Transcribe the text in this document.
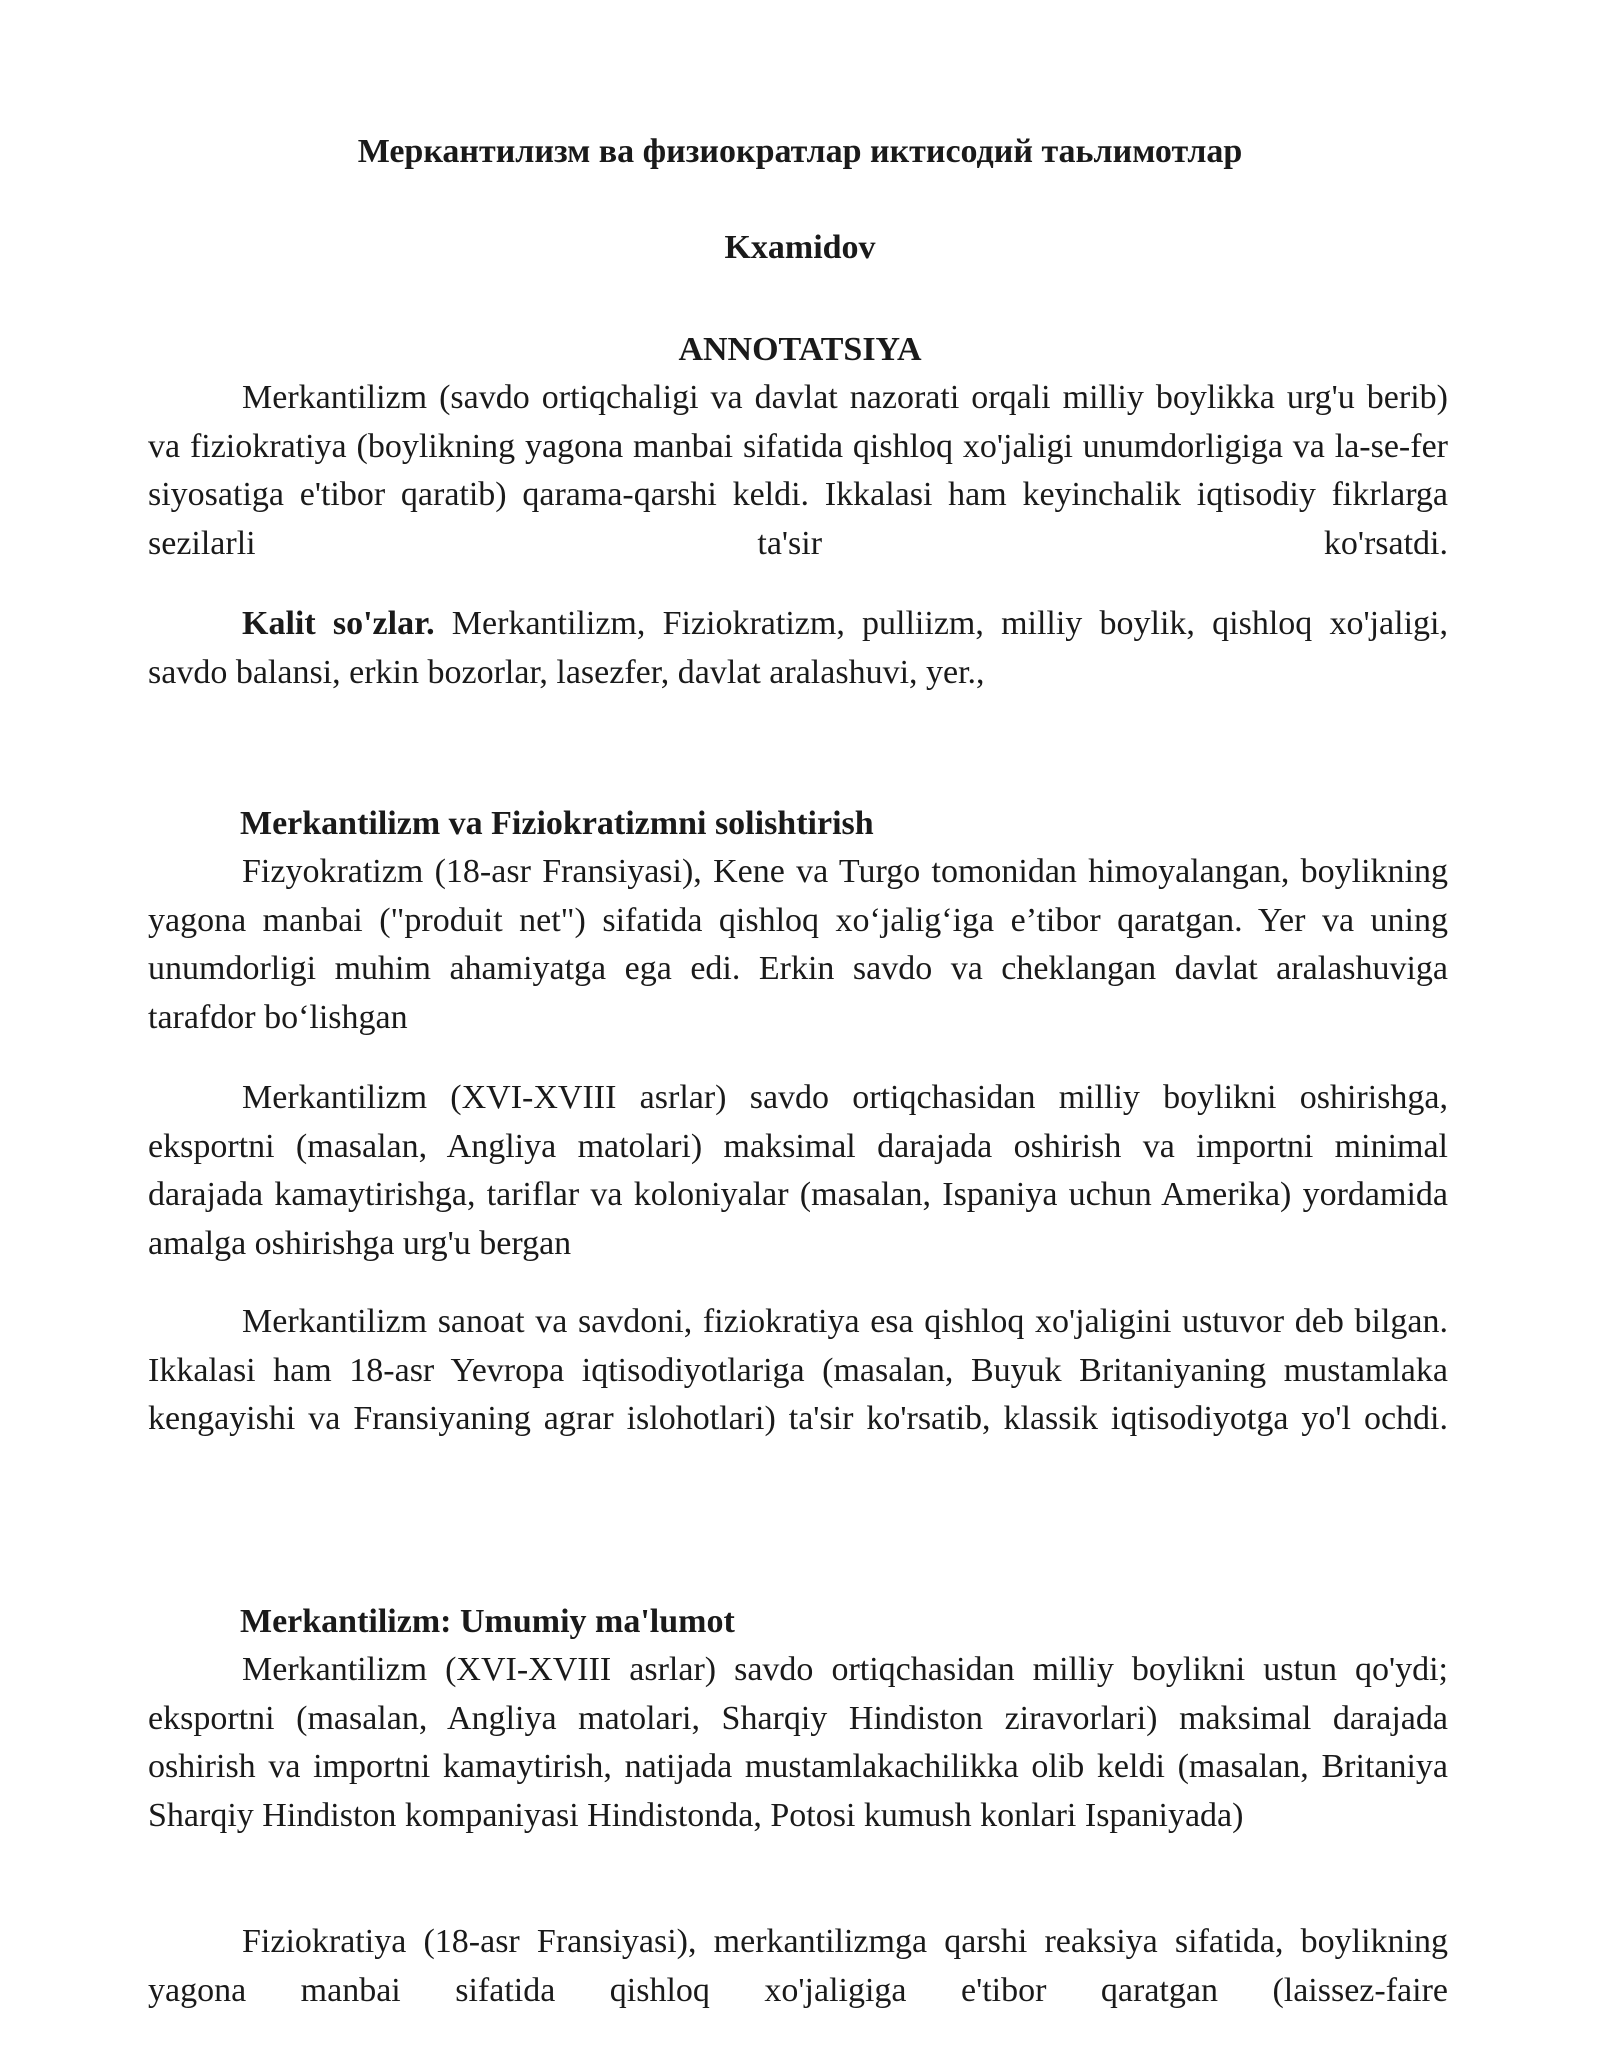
Меркантилизм ва физиократлар иктисодий таьлимотлар
Kxamidov
ANNOTATSIYA

Merkantilizm (savdo ortiqchaligi va davlat nazorati orqali milliy boylikka urg'u berib) va fiziokratiya (boylikning yagona manbai sifatida qishloq xo'jaligi unumdorligiga va la-se-fer siyosatiga e'tibor qaratib) qarama-qarshi keldi. Ikkalasi ham keyinchalik iqtisodiy fikrlarga sezilarli ta'sir ko'rsatdi.

Kalit so'zlar. Merkantilizm, Fiziokratizm, pulliizm, milliy boylik, qishloq xo'jaligi, savdo balansi, erkin bozorlar, lasezfer, davlat aralashuvi, yer.,

Merkantilizm va Fiziokratizmni solishtirish

Fizyokratizm (18-asr Fransiyasi), Kene va Turgo tomonidan himoyalangan, boylikning yagona manbai ("produit net") sifatida qishloq xo‘jalig‘iga e’tibor qaratgan. Yer va uning unumdorligi muhim ahamiyatga ega edi. Erkin savdo va cheklangan davlat aralashuviga tarafdor bo‘lishgan

Merkantilizm (XVI-XVIII asrlar) savdo ortiqchasidan milliy boylikni oshirishga, eksportni (masalan, Angliya matolari) maksimal darajada oshirish va importni minimal darajada kamaytirishga, tariflar va koloniyalar (masalan, Ispaniya uchun Amerika) yordamida amalga oshirishga urg'u bergan

Merkantilizm sanoat va savdoni, fiziokratiya esa qishloq xo'jaligini ustuvor deb bilgan. Ikkalasi ham 18-asr Yevropa iqtisodiyotlariga (masalan, Buyuk Britaniyaning mustamlaka kengayishi va Fransiyaning agrar islohotlari) ta'sir ko'rsatib, klassik iqtisodiyotga yo'l ochdi.

Merkantilizm: Umumiy ma'lumot

Merkantilizm (XVI-XVIII asrlar) savdo ortiqchasidan milliy boylikni ustun qo'ydi; eksportni (masalan, Angliya matolari, Sharqiy Hindiston ziravorlari) maksimal darajada oshirish va importni kamaytirish, natijada mustamlakachilikka olib keldi (masalan, Britaniya Sharqiy Hindiston kompaniyasi Hindistonda, Potosi kumush konlari Ispaniyada)

Fiziokratiya (18-asr Fransiyasi), merkantilizmga qarshi reaksiya sifatida, boylikning yagona manbai sifatida qishloq xo'jaligiga e'tibor qaratgan (laissez-faire
